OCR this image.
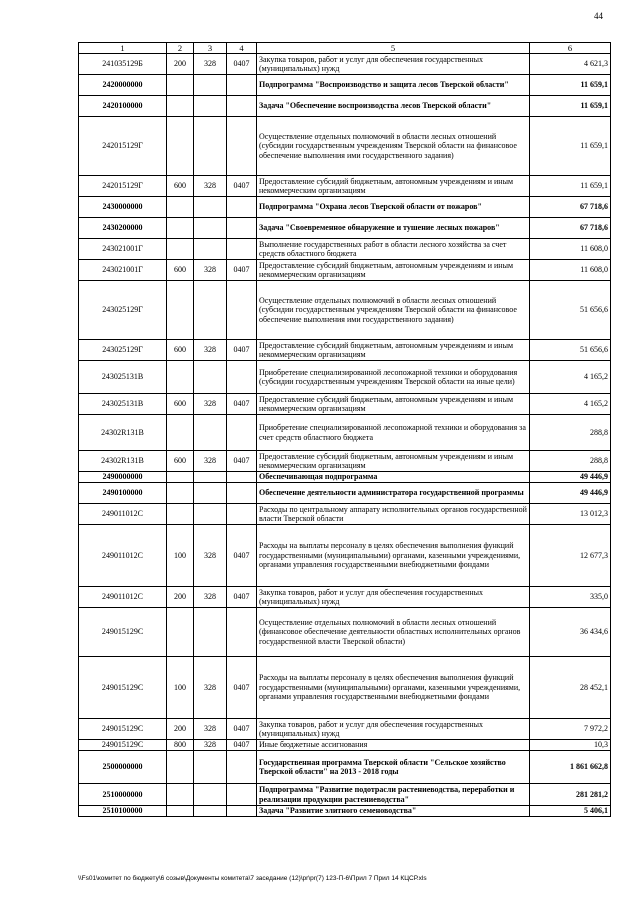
44
1	2	3	4	5	6
241035129Б	200	328	0407	Закупка товаров, работ и услуг для обеспечения государственных (муниципальных) нужд	4 621,3
2420000000				Подпрограмма "Воспроизводство и защита лесов Тверской области"	11 659,1
2420100000				Задача "Обеспечение воспроизводства лесов Тверской области"	11 659,1
242015129Г				Осуществление отдельных полномочий в области лесных отношений (субсидии государственным учреждениям Тверской области на финансовое обеспечение выполнения ими государственного задания)	11 659,1
242015129Г	600	328	0407	Предоставление субсидий бюджетным, автономным учреждениям и иным некоммерческим организациям	11 659,1
2430000000				Подпрограмма "Охрана лесов Тверской области от пожаров"	67 718,6
2430200000				Задача "Своевременное обнаружение и тушение лесных пожаров"	67 718,6
243021001Г				Выполнение государственных работ в области лесного хозяйства за счет средств областного бюджета	11 608,0
243021001Г	600	328	0407	Предоставление субсидий бюджетным, автономным учреждениям и иным некоммерческим организациям	11 608,0
243025129Г				Осуществление отдельных полномочий в области лесных отношений (субсидии государственным учреждениям Тверской области на финансовое обеспечение выполнения ими государственного задания)	51 656,6
243025129Г	600	328	0407	Предоставление субсидий бюджетным, автономным учреждениям и иным некоммерческим организациям	51 656,6
243025131В				Приобретение специализированной лесопожарной техники и оборудования (субсидии государственным учреждениям Тверской области на иные цели)	4 165,2
243025131В	600	328	0407	Предоставление субсидий бюджетным, автономным учреждениям и иным некоммерческим организациям	4 165,2
24302R131В				Приобретение специализированной лесопожарной техники и оборудования за счет средств областного бюджета	288,8
24302R131В	600	328	0407	Предоставление субсидий бюджетным, автономным учреждениям и иным некоммерческим организациям	288,8
2490000000				Обеспечивающая подпрограмма	49 446,9
2490100000				Обеспечение деятельности администратора государственной программы	49 446,9
249011012С				Расходы по центральному аппарату исполнительных органов государственной власти Тверской области	13 012,3
249011012С	100	328	0407	Расходы на выплаты персоналу в целях обеспечения выполнения функций государственными (муниципальными) органами, казенными учреждениями, органами управления государственными внебюджетными фондами	12 677,3
249011012С	200	328	0407	Закупка товаров, работ и услуг для обеспечения государственных (муниципальных) нужд	335,0
249015129С				Осуществление отдельных полномочий в области лесных отношений (финансовое обеспечение деятельности областных исполнительных органов государственной власти Тверской области)	36 434,6
249015129С	100	328	0407	Расходы на выплаты персоналу в целях обеспечения выполнения функций государственными (муниципальными) органами, казенными учреждениями, органами управления государственными внебюджетными фондами	28 452,1
249015129С	200	328	0407	Закупка товаров, работ и услуг для обеспечения государственных (муниципальных) нужд	7 972,2
249015129С	800	328	0407	Иные бюджетные ассигнования	10,3
2500000000				Государственная программа Тверской области "Сельское хозяйство Тверской области" на 2013 - 2018 годы	1 861 662,8
2510000000				Подпрограмма "Развитие подотрасли растениеводства, переработки и реализации продукции растениеводства"	281 281,2
2510100000				Задача "Развитие элитного семеноводства"	5 406,1
\\Fs01\комитет по бюджету\6 созыв\Документы комитета\7 заседание (12)\pr\pr(7) 123-П-6\Прил 7 Прил 14 КЦСР.xls
